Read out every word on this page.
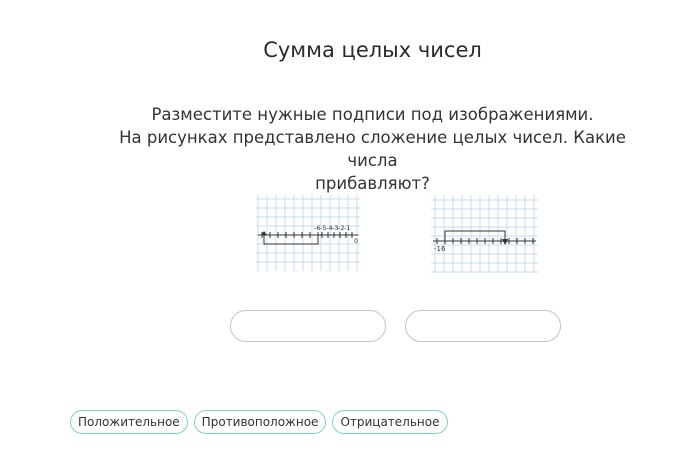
Сумма целых чисел
Разместите нужные подписи под изображениями.
На рисунках представлено сложение целых чисел. Какие числа
прибавляют?
-6 -5 -4 -3 -2 -1
0
-16
Положительное	Противоположное	Отрицательное
